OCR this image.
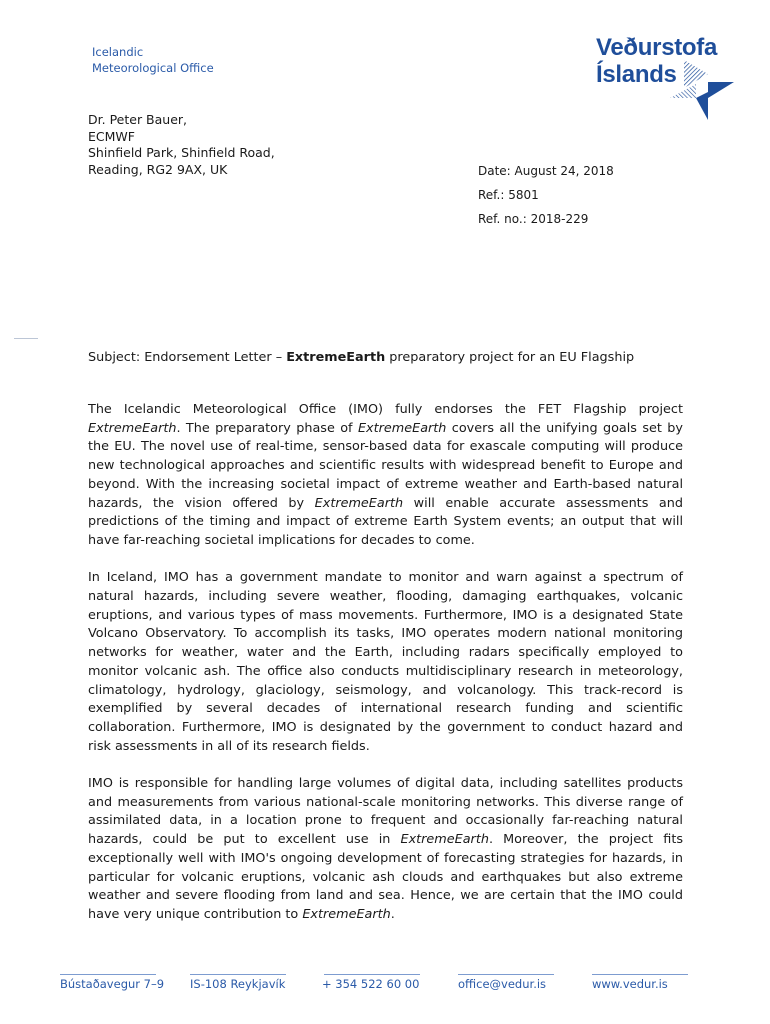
Icelandic
Meteorological Office
Veðurstofa
Íslands
Dr. Peter Bauer,
ECMWF
Shinfield Park, Shinfield Road,
Reading, RG2 9AX, UK	Date: August 24, 2018
Ref.: 5801
Ref. no.: 2018-229
Subject: Endorsement Letter – ExtremeEarth preparatory project for an EU Flagship

The Icelandic Meteorological Office (IMO) fully endorses the FET Flagship project ExtremeEarth. The preparatory phase of ExtremeEarth covers all the unifying goals set by the EU. The novel use of real-time, sensor-based data for exascale computing will produce new technological approaches and scientific results with widespread benefit to Europe and beyond. With the increasing societal impact of extreme weather and Earth-based natural hazards, the vision offered by ExtremeEarth will enable accurate assessments and predictions of the timing and impact of extreme Earth System events; an output that will have far-reaching societal implications for decades to come.

In Iceland, IMO has a government mandate to monitor and warn against a spectrum of natural hazards, including severe weather, flooding, damaging earthquakes, volcanic eruptions, and various types of mass movements. Furthermore, IMO is a designated State Volcano Observatory. To accomplish its tasks, IMO operates modern national monitoring networks for weather, water and the Earth, including radars specifically employed to monitor volcanic ash. The office also conducts multidisciplinary research in meteorology, climatology, hydrology, glaciology, seismology, and volcanology. This track-record is exemplified by several decades of international research funding and scientific collaboration. Furthermore, IMO is designated by the government to conduct hazard and risk assessments in all of its research fields.

IMO is responsible for handling large volumes of digital data, including satellites products and measurements from various national-scale monitoring networks. This diverse range of assimilated data, in a location prone to frequent and occasionally far-reaching natural hazards, could be put to excellent use in ExtremeEarth. Moreover, the project fits exceptionally well with IMO's ongoing development of forecasting strategies for hazards, in particular for volcanic eruptions, volcanic ash clouds and earthquakes but also extreme weather and severe flooding from land and sea. Hence, we are certain that the IMO could have very unique contribution to ExtremeEarth.

Bústaðavegur 7–9 IS-108 Reykjavík	+ 354 522 60 00	office@vedur.is	www.vedur.is
